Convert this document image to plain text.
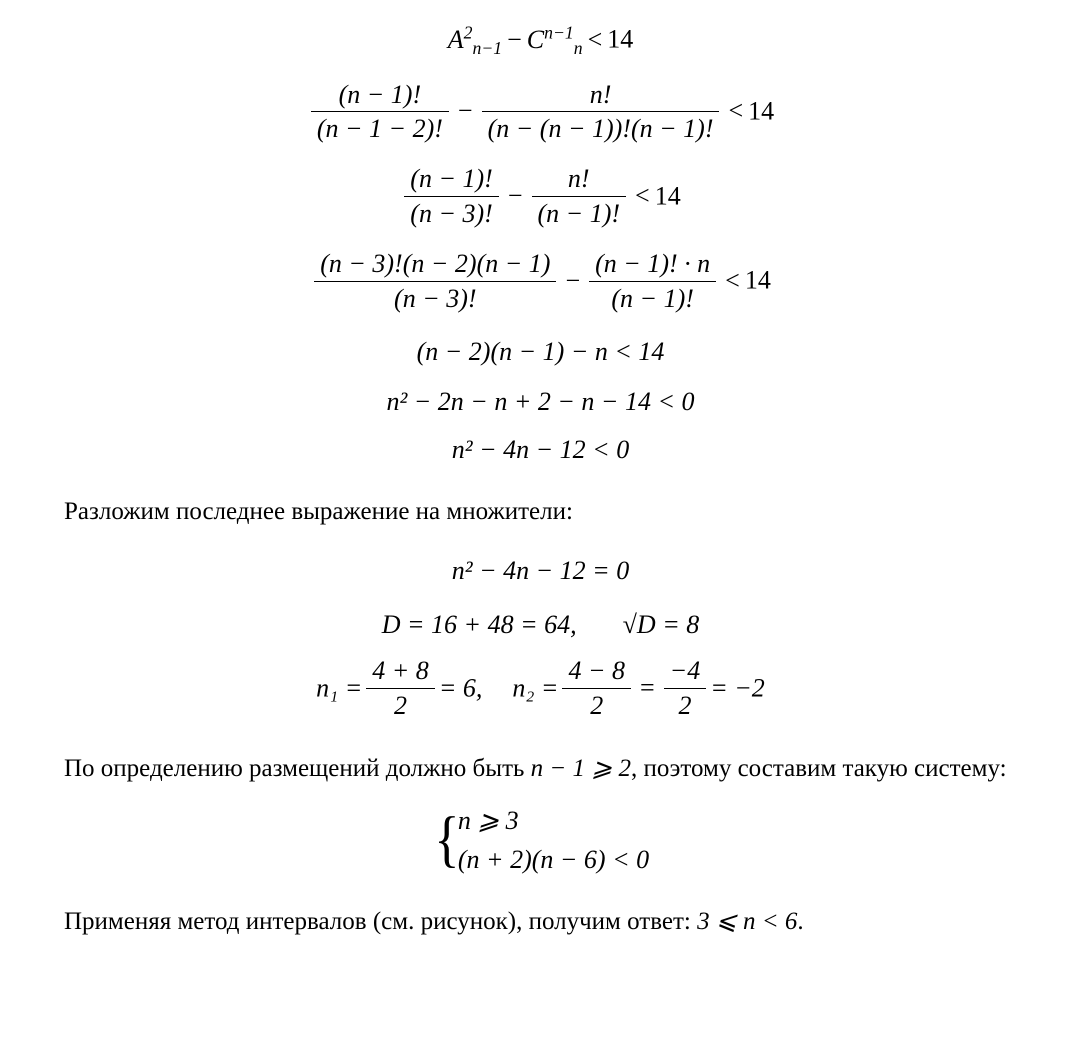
$A^2_{n-1} - C^{n-1}_n < 14$
$\frac{(n - 1)!}{(n - 1 - 2)!} - \frac{n!}{(n - (n - 1))!(n - 1)!} < 14$
$\frac{(n - 1)!}{(n - 3)!} - \frac{n!}{(n - 1)!} < 14$
$\frac{(n - 3)!(n - 2)(n - 1)}{(n - 3)!} - \frac{(n - 1)! \cdot n}{(n - 1)!} < 14$
(n − 2)(n − 1) − n < 14
n² − 2n − n + 2 − n − 14 < 0
n² − 4n − 12 < 0
Разложим последнее выражение на множители:
n² − 4n − 12 = 0
D = 16 + 48 = 64, √D = 8
$n_1 = \frac{4 + 8}{2} = 6$, $n_2 = \frac{4 - 8}{2} = \frac{-4}{2} = -2$
По определению размещений должно быть n − 1 ⩾ 2, поэтому составим такую систему:
{
n ⩾ 3
(n + 2)(n − 6) < 0
Применяя метод интервалов (см. рисунок), получим ответ: 3 ⩽ n < 6.
